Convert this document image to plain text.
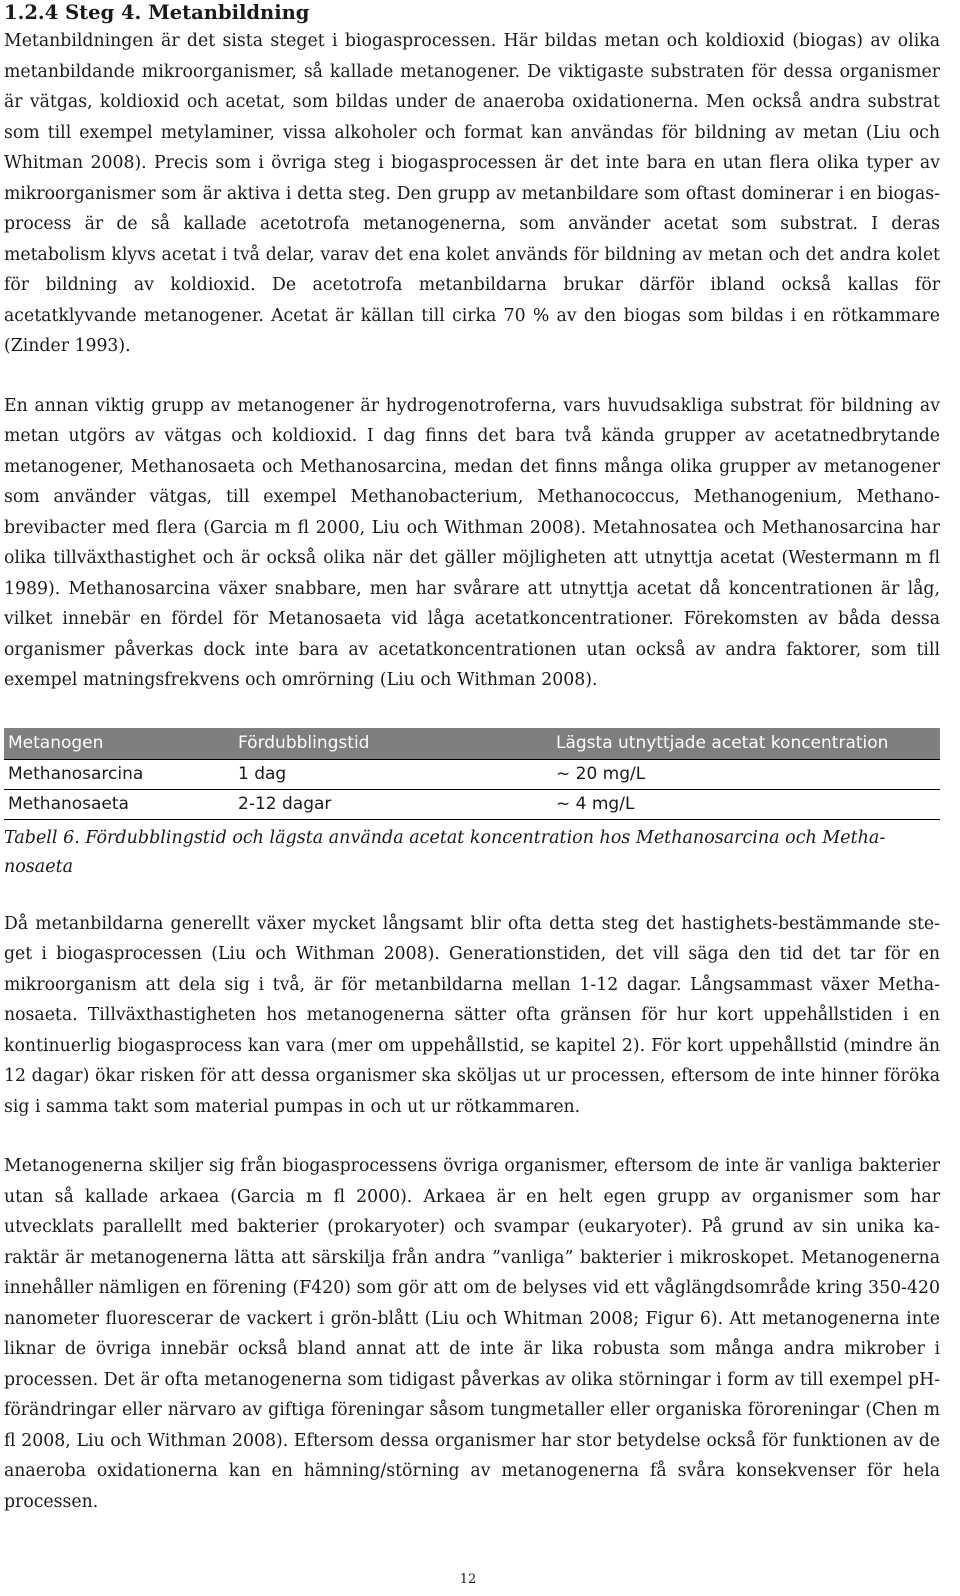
1.2.4 Steg 4. Metanbildning

Metanbildningen är det sista steget i biogasprocessen. Här bildas metan och koldioxid (biogas) av olika metanbildande mikroorganismer, så kallade metanogener. De viktigaste substraten för dessa organismer är vätgas, koldioxid och acetat, som bildas under de anaeroba oxidationerna. Men också andra substrat som till exempel metylaminer, vissa alkoholer och format kan användas för bildning av metan (Liu och Whitman 2008). Precis som i övriga steg i biogasprocessen är det inte bara en utan flera olika typer av mikroorganismer som är aktiva i detta steg. Den grupp av metanbildare som oftast dominerar i en biogasprocess är de så kallade acetotrofa metanogenerna, som använder acetat som substrat. I deras metabolism klyvs acetat i två delar, varav det ena kolet används för bildning av metan och det andra kolet för bildning av koldioxid. De acetotrofa metanbildarna brukar därför ibland också kallas för acetatklyvande metanogener. Acetat är källan till cirka 70 % av den biogas som bildas i en rötkammare (Zinder 1993).

En annan viktig grupp av metanogener är hydrogenotroferna, vars huvudsakliga substrat för bildning av metan utgörs av vätgas och koldioxid. I dag finns det bara två kända grupper av acetatnedbrytande metanogener, Methanosaeta och Methanosarcina, medan det finns många olika grupper av metanogener som använder vätgas, till exempel Methanobacterium, Methanococcus, Methanogenium, Methanobrevibacter med flera (Garcia m fl 2000, Liu och Withman 2008). Metahnosatea och Methanosarcina har olika tillväxthastighet och är också olika när det gäller möjligheten att utnyttja acetat (Westermann m fl 1989). Methanosarcina växer snabbare, men har svårare att utnyttja acetat då koncentrationen är låg, vilket innebär en fördel för Metanosaeta vid låga acetatkoncentrationer. Förekomsten av båda dessa organismer påverkas dock inte bara av acetatkoncentrationen utan också av andra faktorer, som till exempel matningsfrekvens och omrörning (Liu och Withman 2008).

Metanogen	Fördubblingstid	Lägsta utnyttjade acetat koncentration
Methanosarcina	1 dag	~ 20 mg/L
Methanosaeta	2-12 dagar	~ 4 mg/L
Tabell 6. Fördubblingstid och lägsta använda acetat koncentration hos Methanosarcina och Methanosaeta

Då metanbildarna generellt växer mycket långsamt blir ofta detta steg det hastighets-bestämmande steget i biogasprocessen (Liu och Withman 2008). Generationstiden, det vill säga den tid det tar för en mikroorganism att dela sig i två, är för metanbildarna mellan 1-12 dagar. Långsammast växer Methanosaeta. Tillväxthastigheten hos metanogenerna sätter ofta gränsen för hur kort uppehållstiden i en kontinuerlig biogasprocess kan vara (mer om uppehållstid, se kapitel 2). För kort uppehållstid (mindre än 12 dagar) ökar risken för att dessa organismer ska sköljas ut ur processen, eftersom de inte hinner föröka sig i samma takt som material pumpas in och ut ur rötkammaren.

Metanogenerna skiljer sig från biogasprocessens övriga organismer, eftersom de inte är vanliga bakterier utan så kallade arkaea (Garcia m fl 2000). Arkaea är en helt egen grupp av organismer som har utvecklats parallellt med bakterier (prokaryoter) och svampar (eukaryoter). På grund av sin unika karaktär är metanogenerna lätta att särskilja från andra ”vanliga” bakterier i mikroskopet. Metanogenerna innehåller nämligen en förening (F420) som gör att om de belyses vid ett våglängdsområde kring 350-420 nanometer fluorescerar de vackert i grön-blått (Liu och Whitman 2008; Figur 6). Att metanogenerna inte liknar de övriga innebär också bland annat att de inte är lika robusta som många andra mikrober i processen. Det är ofta metanogenerna som tidigast påverkas av olika störningar i form av till exempel pH-förändringar eller närvaro av giftiga föreningar såsom tungmetaller eller organiska föroreningar (Chen m fl 2008, Liu och Withman 2008). Eftersom dessa organismer har stor betydelse också för funktionen av de anaeroba oxidationerna kan en hämning/störning av metanogenerna få svåra konsekvenser för hela processen.

12
